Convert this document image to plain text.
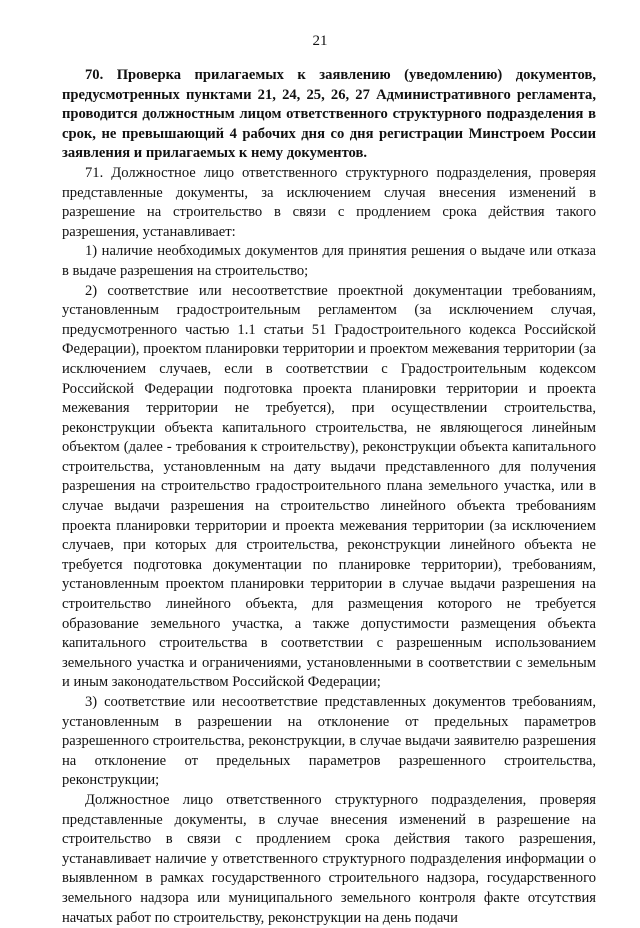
21

70. Проверка прилагаемых к заявлению (уведомлению) документов, предусмотренных пунктами 21, 24, 25, 26, 27 Административного регламента, проводится должностным лицом ответственного структурного подразделения в срок, не превышающий 4 рабочих дня со дня регистрации Минстроем России заявления и прилагаемых к нему документов.

71. Должностное лицо ответственного структурного подразделения, проверяя представленные документы, за исключением случая внесения изменений в разрешение на строительство в связи с продлением срока действия такого разрешения, устанавливает:

1) наличие необходимых документов для принятия решения о выдаче или отказа в выдаче разрешения на строительство;

2) соответствие или несоответствие проектной документации требованиям, установленным градостроительным регламентом (за исключением случая, предусмотренного частью 1.1 статьи 51 Градостроительного кодекса Российской Федерации), проектом планировки территории и проектом межевания территории (за исключением случаев, если в соответствии с Градостроительным кодексом Российской Федерации подготовка проекта планировки территории и проекта межевания территории не требуется), при осуществлении строительства, реконструкции объекта капитального строительства, не являющегося линейным объектом (далее - требования к строительству), реконструкции объекта капитального строительства, установленным на дату выдачи представленного для получения разрешения на строительство градостроительного плана земельного участка, или в случае выдачи разрешения на строительство линейного объекта требованиям проекта планировки территории и проекта межевания территории (за исключением случаев, при которых для строительства, реконструкции линейного объекта не требуется подготовка документации по планировке территории), требованиям, установленным проектом планировки территории в случае выдачи разрешения на строительство линейного объекта, для размещения которого не требуется образование земельного участка, а также допустимости размещения объекта капитального строительства в соответствии с разрешенным использованием земельного участка и ограничениями, установленными в соответствии с земельным и иным законодательством Российской Федерации;

3) соответствие или несоответствие представленных документов требованиям, установленным в разрешении на отклонение от предельных параметров разрешенного строительства, реконструкции, в случае выдачи заявителю разрешения на отклонение от предельных параметров разрешенного строительства, реконструкции;

Должностное лицо ответственного структурного подразделения, проверяя представленные документы, в случае внесения изменений в разрешение на строительство в связи с продлением срока действия такого разрешения, устанавливает наличие у ответственного структурного подразделения информации о выявленном в рамках государственного строительного надзора, государственного земельного надзора или муниципального земельного контроля факте отсутствия начатых работ по строительству, реконструкции на день подачи
